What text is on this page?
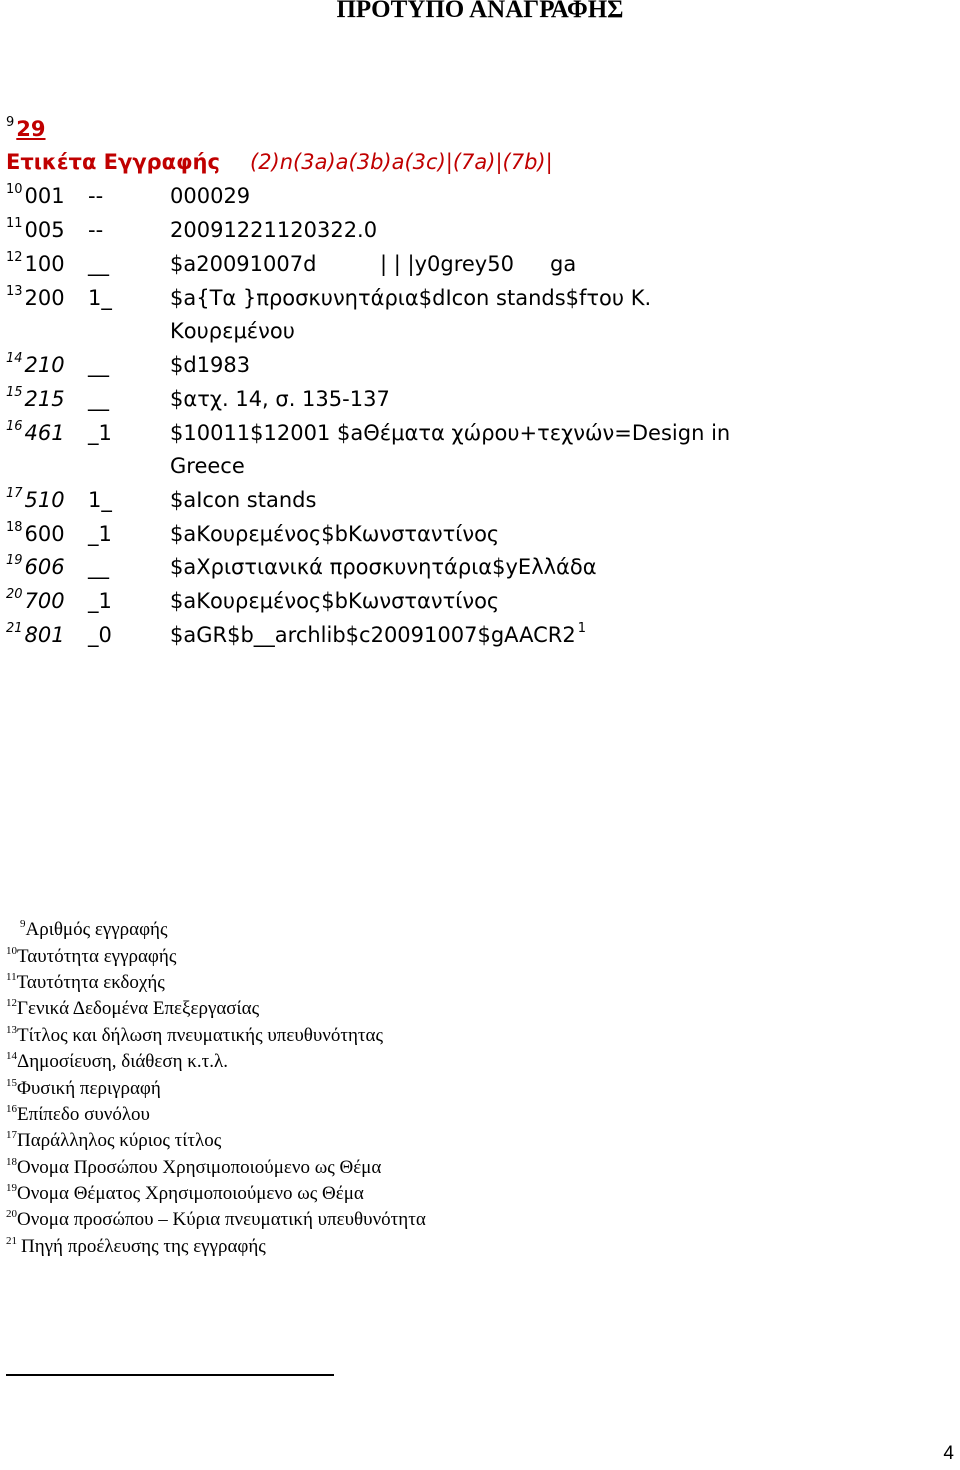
ΠΡΟΤΥΠΟ ΑΝΑΓΡΑΦΗΣ
$^9$29
Ετικέτα Εγγραφής (2)n(3a)a(3b)a(3c)|(7a)|(7b)|
$^{10}$001 --	000029
$^{11}$005 --	20091221120322.0
$^{12}$100 __	$a20091007d	| | |y0grey50 ga
$^{13}$200 1_	$a{Τα }προσκυνητάρια$dIcon stands$fτου Κ.
Κουρεμένου
$^{14}$210 __	$d1983
$^{15}$215 __	$ατχ. 14, σ. 135-137
$^{16}$461 _1	$10011$12001 $aΘέματα χώρου+τεχνών=Design in
Greece
$^{17}$510 1_	$aIcon stands
$^{18}$600 _1	$aΚουρεμένος$bΚωνσταντίνος
$^{19}$606 __	$aΧριστιανικά προσκυνητάρια$yΕλλάδα
$^{20}$700 _1	$aΚουρεμένος$bΚωνσταντίνος
$^{21}$801 _0	$aGR$b__archlib$c20091007$gAACR2 $^1$
$^9$Αριθμός εγγραφής
$^{10}$Ταυτότητα εγγραφής
$^{11}$Ταυτότητα εκδοχής
$^{12}$Γενικά Δεδομένα Επεξεργασίας
$^{13}$Τίτλος και δήλωση πνευματικής υπευθυνότητας
$^{14}$Δημοσίευση, διάθεση κ.τ.λ.
$^{15}$Φυσική περιγραφή
$^{16}$Επίπεδο συνόλου
$^{17}$Παράλληλος κύριος τίτλος
$^{18}$Ονομα Προσώπου Χρησιμοποιούμενο ως Θέμα
$^{19}$Ονομα Θέματος Χρησιμοποιούμενο ως Θέμα
$^{20}$Ονομα προσώπου – Κύρια πνευματική υπευθυνότητα
$^{21}$ Πηγή προέλευσης της εγγραφής
4
